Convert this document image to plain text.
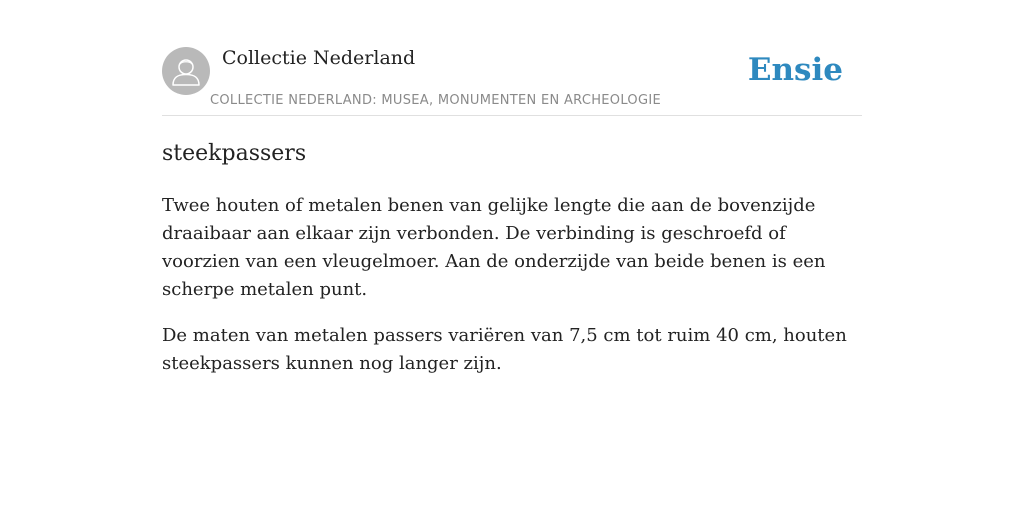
Collectie Nederland
COLLECTIE NEDERLAND: MUSEA, MONUMENTEN EN ARCHEOLOGIE
Ensie
steekpassers

Twee houten of metalen benen van gelijke lengte die aan de bovenzijde draaibaar aan elkaar zijn verbonden. De verbinding is geschroefd of voorzien van een vleugelmoer. Aan de onderzijde van beide benen is een scherpe metalen punt.

De maten van metalen passers variëren van 7,5 cm tot ruim 40 cm, houten steekpassers kunnen nog langer zijn.
